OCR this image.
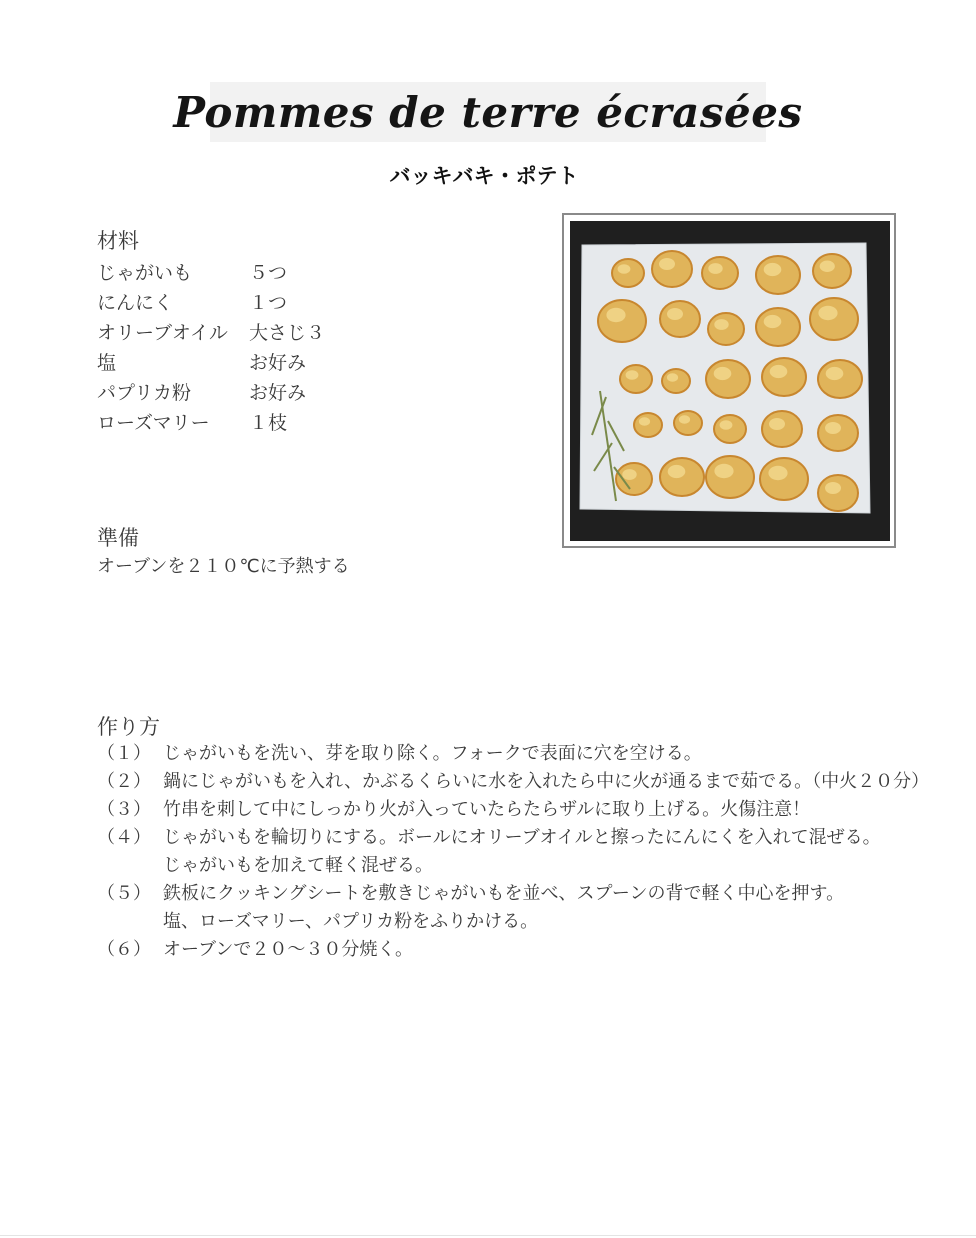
Pommes de terre écrasées
バッキバキ・ポテト
材料
じゃがいも	５つ
にんにく	１つ
オリーブオイル	大さじ３
塩	お好み
パプリカ粉	お好み
ローズマリー	１枝
準備
オーブンを２１０℃に予熱する
作り方
（１） じゃがいもを洗い、芽を取り除く。フォークで表面に穴を空ける。
（２） 鍋にじゃがいもを入れ、かぶるくらいに水を入れたら中に火が通るまで茹でる。（中火２０分）
（３） 竹串を刺して中にしっかり火が入っていたらたらザルに取り上げる。火傷注意！
（４） じゃがいもを輪切りにする。ボールにオリーブオイルと擦ったにんにくを入れて混ぜる。
じゃがいもを加えて軽く混ぜる。
（５） 鉄板にクッキングシートを敷きじゃがいもを並べ、スプーンの背で軽く中心を押す。
塩、ローズマリー、パプリカ粉をふりかける。
（６） オーブンで２０〜３０分焼く。
